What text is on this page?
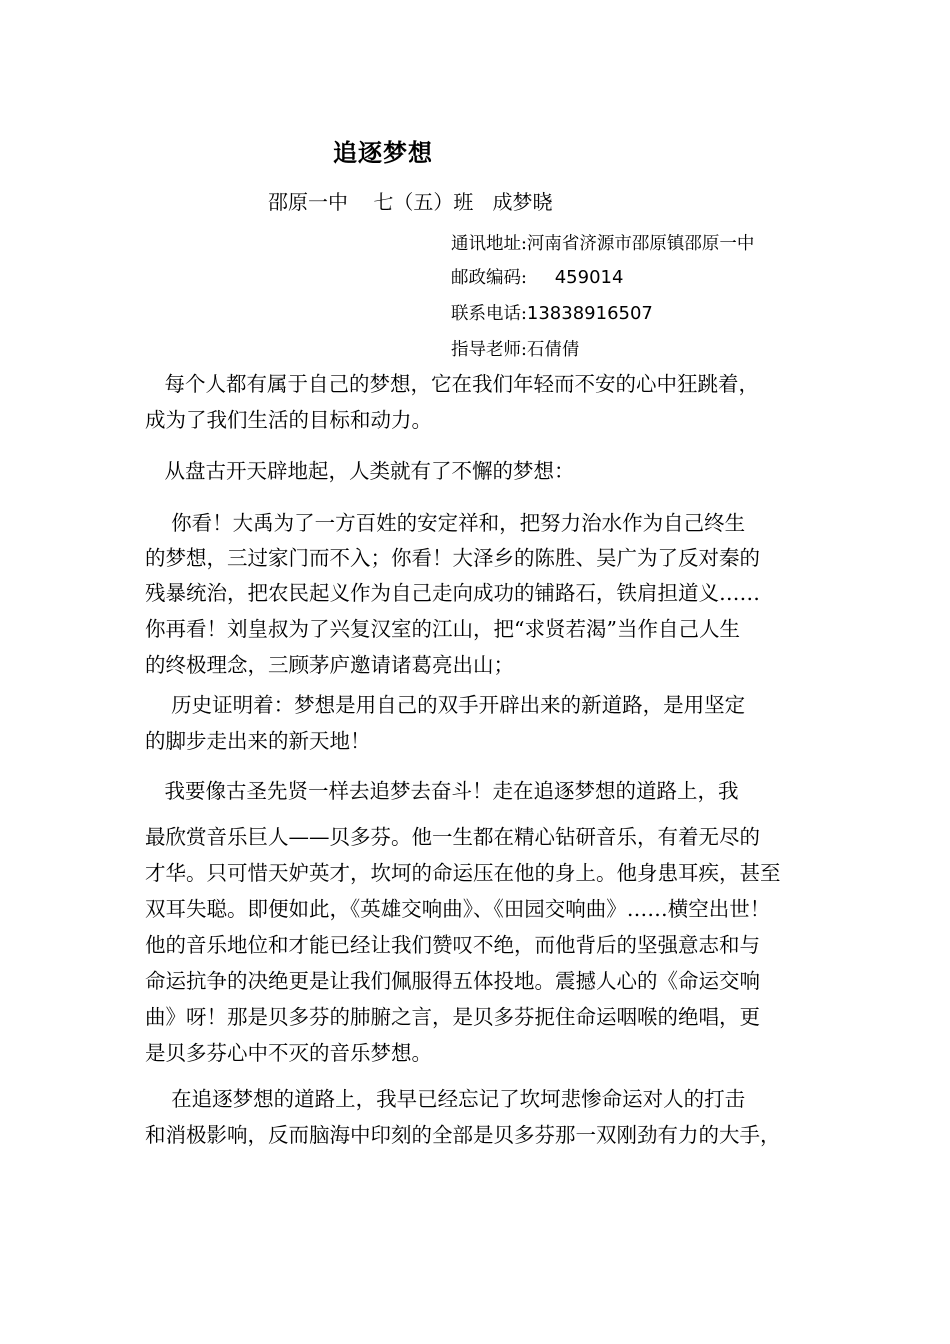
追逐梦想
邵原一中    七（五）班   成梦晓
通讯地址:河南省济源市邵原镇邵原一中
邮政编码: 459014
联系电话:13838916507
指导老师:石倩倩
每个人都有属于自己的梦想，它在我们年轻而不安的心中狂跳着，
成为了我们生活的目标和动力。
从盘古开天辟地起，人类就有了不懈的梦想：
你看！大禹为了一方百姓的安定祥和，把努力治水作为自己终生
的梦想，三过家门而不入；你看！大泽乡的陈胜、吴广为了反对秦的
残暴统治，把农民起义作为自己走向成功的铺路石，铁肩担道义……
你再看！刘皇叔为了兴复汉室的江山，把“求贤若渴”当作自己人生
的终极理念，三顾茅庐邀请诸葛亮出山；
历史证明着：梦想是用自己的双手开辟出来的新道路，是用坚定
的脚步走出来的新天地！
我要像古圣先贤一样去追梦去奋斗！走在追逐梦想的道路上，我
最欣赏音乐巨人——贝多芬。他一生都在精心钻研音乐，有着无尽的
才华。只可惜天妒英才，坎坷的命运压在他的身上。他身患耳疾，甚至
双耳失聪。即便如此，《英雄交响曲》、《田园交响曲》……横空出世！
他的音乐地位和才能已经让我们赞叹不绝，而他背后的坚强意志和与
命运抗争的决绝更是让我们佩服得五体投地。震撼人心的《命运交响
曲》呀！那是贝多芬的肺腑之言，是贝多芬扼住命运咽喉的绝唱，更
是贝多芬心中不灭的音乐梦想。
在追逐梦想的道路上，我早已经忘记了坎坷悲惨命运对人的打击
和消极影响，反而脑海中印刻的全部是贝多芬那一双刚劲有力的大手，
